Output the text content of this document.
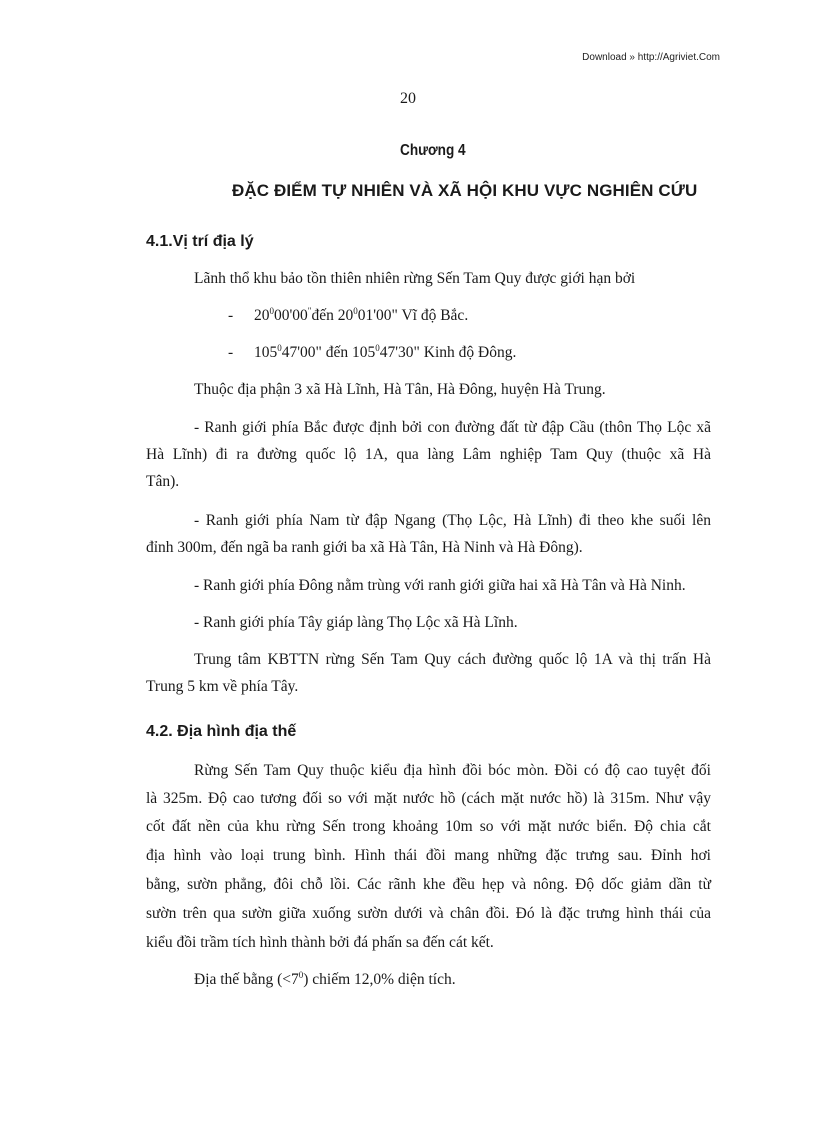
Download » http://Agriviet.Com
20
Chương 4
ĐẶC ĐIỂM TỰ NHIÊN VÀ XÃ HỘI KHU VỰC NGHIÊN CỨU
4.1.Vị trí địa lý
Lãnh thổ khu bảo tồn thiên nhiên rừng Sến Tam Quy được giới hạn bởi
- $20^000'00^"đến$ $20^001'00$" Vĩ độ Bắc.
- $105^047'00$" đến $105^047'30$" Kinh độ Đông.
Thuộc địa phận 3 xã Hà Lĩnh, Hà Tân, Hà Đông, huyện Hà Trung.
- Ranh giới phía Bắc được định bởi con đường đất từ đập Cầu (thôn Thọ Lộc xã
Hà Lĩnh) đi ra đường quốc lộ 1A, qua làng Lâm nghiệp Tam Quy (thuộc xã Hà
Tân).
- Ranh giới phía Nam từ đập Ngang (Thọ Lộc, Hà Lĩnh) đi theo khe suối lên
đỉnh 300m, đến ngã ba ranh giới ba xã Hà Tân, Hà Ninh và Hà Đông).
- Ranh giới phía Đông nằm trùng với ranh giới giữa hai xã Hà Tân và Hà Ninh.
- Ranh giới phía Tây giáp làng Thọ Lộc xã Hà Lĩnh.
Trung tâm KBTTN rừng Sến Tam Quy cách đường quốc lộ 1A và thị trấn Hà
Trung 5 km về phía Tây.
4.2. Địa hình địa thế
Rừng Sến Tam Quy thuộc kiểu địa hình đồi bóc mòn. Đồi có độ cao tuyệt đối
là 325m. Độ cao tương đối so với mặt nước hồ (cách mặt nước hồ) là 315m. Như vậy
cốt đất nền của khu rừng Sến trong khoảng 10m so với mặt nước biển. Độ chia cắt
địa hình vào loại trung bình. Hình thái đồi mang những đặc trưng sau. Đỉnh hơi
bằng, sườn phẳng, đôi chỗ lồi. Các rãnh khe đều hẹp và nông. Độ dốc giảm dần từ
sườn trên qua sườn giữa xuống sườn dưới và chân đồi. Đó là đặc trưng hình thái của
kiểu đồi trầm tích hình thành bởi đá phấn sa đến cát kết.
Địa thế bằng $(<7^0)$ chiếm 12,0% diện tích.
